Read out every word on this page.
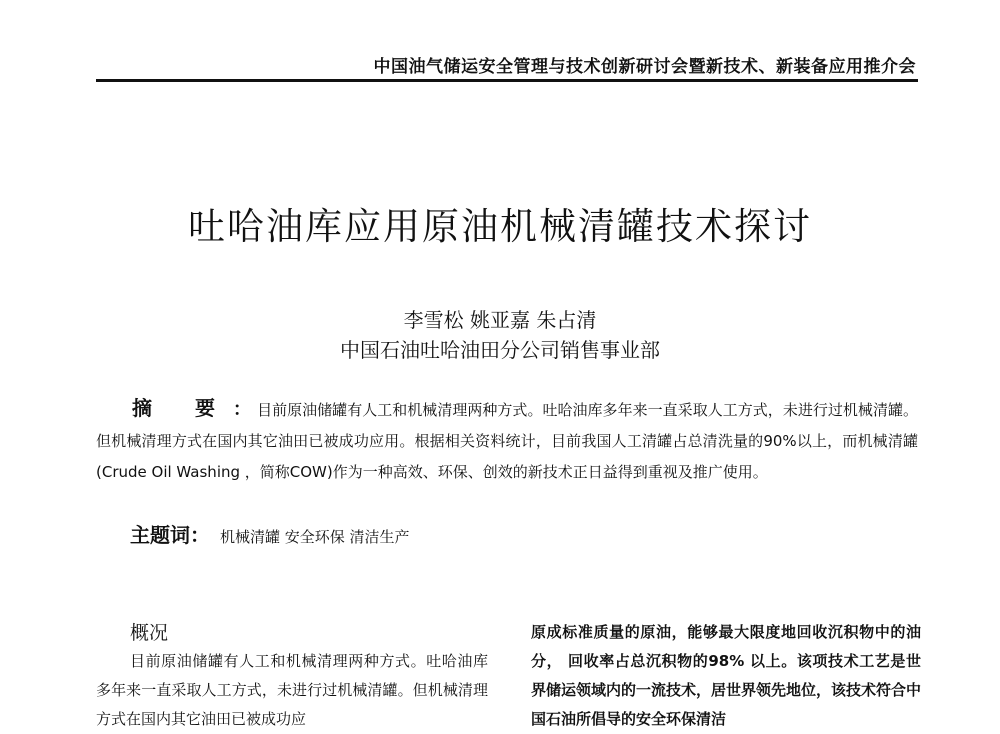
中国油气储运安全管理与技术创新研讨会暨新技术、新装备应用推介会
吐哈油库应用原油机械清罐技术探讨
李雪松 姚亚嘉 朱占清
中国石油吐哈油田分公司销售事业部
摘 要： 目前原油储罐有人工和机械清理两种方式。吐哈油库多年来一直采取人工方式，未进行过机械清罐。但机械清理方式在国内其它油田已被成功应用。根据相关资料统计，目前我国人工清罐占总清洗量的90%以上，而机械清罐(Crude Oil Washing ，简称COW)作为一种高效、环保、创效的新技术正日益得到重视及推广使用。
主题词： 机械清罐 安全环保 清洁生产
概况

目前原油储罐有人工和机械清理两种方式。吐哈油库多年来一直采取人工方式，未进行过机械清罐。但机械清理方式在国内其它油田已被成功应

原成标准质量的原油，能够最大限度地回收沉积物中的油分， 回收率占总沉积物的98% 以上。该项技术工艺是世界储运领域内的一流技术，居世界领先地位，该技术符合中国石油所倡导的安全环保清洁
